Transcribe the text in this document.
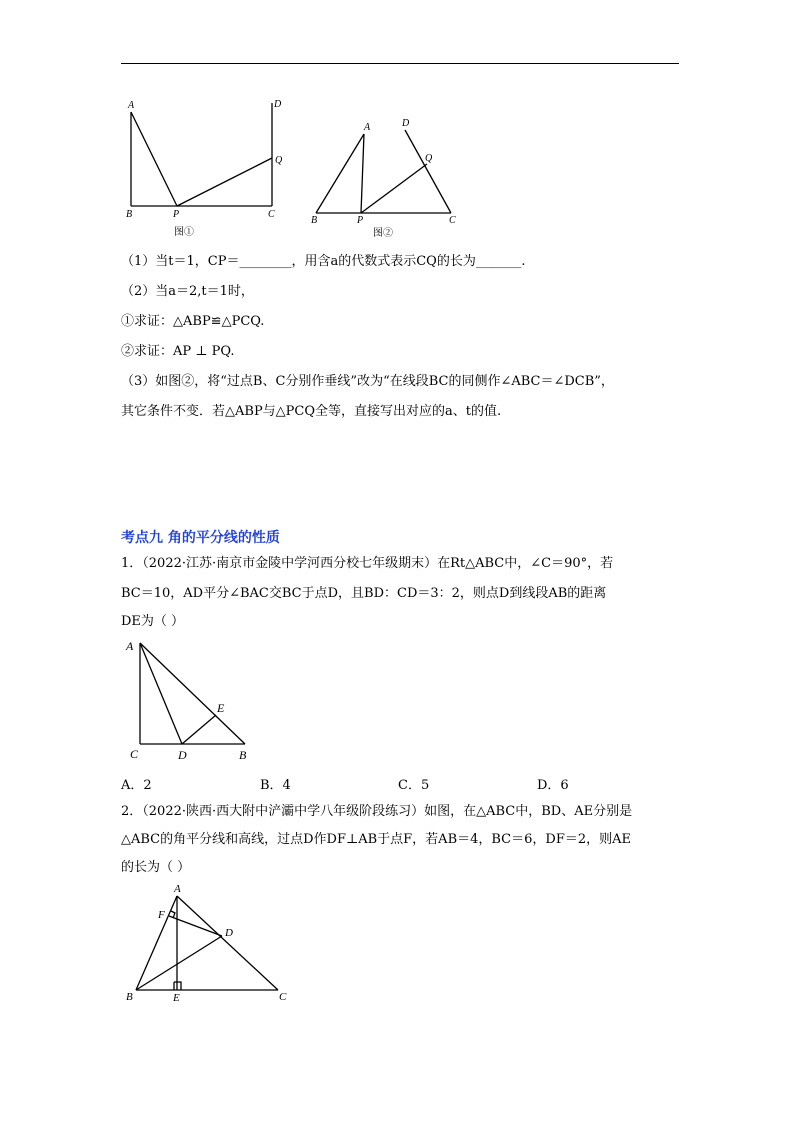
A
B	P	C
D
Q
图①
A
B	P	C
D
Q
图②
（1）当t＝1，CP＝________，用含a的代数式表示CQ的长为_______.
（2）当a＝2,t＝1时，
①求证：△ABP≌△PCQ.
②求证：AP ⊥ PQ.
（3）如图②，将“过点B、C分别作垂线”改为“在线段BC的同侧作∠ABC＝∠DCB”，
其它条件不变．若△ABP与△PCQ全等，直接写出对应的a、t的值.
考点九 角的平分线的性质
1．（2022·江苏·南京市金陵中学河西分校七年级期末）在Rt△ABC中，∠C＝90°，若
BC＝10，AD平分∠BAC交BC于点D，且BD：CD＝3：2，则点D到线段AB的距离
DE为（ ）
A
C	D	B
E
A．2	B．4	C．5	D．6
2．（2022·陕西·西大附中浐灞中学八年级阶段练习）如图，在△ABC中，BD、AE分别是
△ABC的角平分线和高线，过点D作DF⊥AB于点F，若AB＝4，BC＝6，DF＝2，则AE
的长为（ ）
A
F
D
B	E	C
